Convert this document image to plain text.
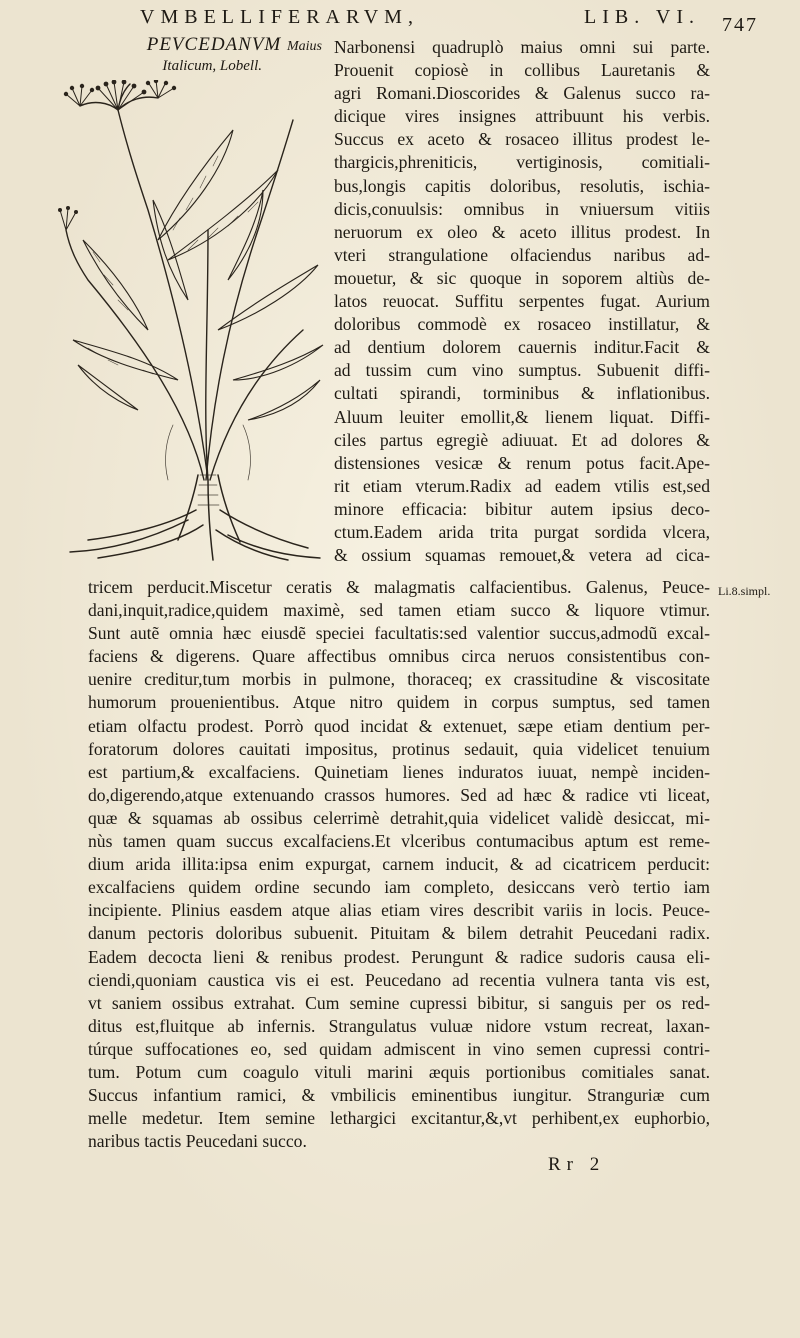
VMBELLIFERARVM,	LIB. VI. 747
PEVCEDANVM Maius
Italicum, Lobell.
Narbonensi quadruplò maius omni sui parte.
Prouenit copiosè in collibus Lauretanis &
agri Romani.Dioscorides & Galenus succo ra-
dicique vires insignes attribuunt his verbis.
Succus ex aceto & rosaceo illitus prodest le-
thargicis,phreniticis, vertiginosis, comitiali-
bus,longis capitis doloribus, resolutis, ischia-
dicis,conuulsis: omnibus in vniuersum vitiis
neruorum ex oleo & aceto illitus prodest. In
vteri strangulatione olfaciendus naribus ad-
mouetur, & sic quoque in soporem altiùs de-
latos reuocat. Suffitu serpentes fugat. Aurium
doloribus commodè ex rosaceo instillatur, &
ad dentium dolorem cauernis inditur.Facit &
ad tussim cum vino sumptus. Subuenit diffi-
cultati spirandi, torminibus & inflationibus.
Aluum leuiter emollit,& lienem liquat. Diffi-
ciles partus egregiè adiuuat. Et ad dolores &
distensiones vesicæ & renum potus facit.Ape-
rit etiam vterum.Radix ad eadem vtilis est,sed
minore efficacia: bibitur autem ipsius deco-
ctum.Eadem arida trita purgat sordida vlcera,
& ossium squamas remouet,& vetera ad cica-
tricem perducit.Miscetur ceratis & malagmatis calfacientibus. Galenus, Peuce-
dani,inquit,radice,quidem maximè, sed tamen etiam succo & liquore vtimur.
Sunt autẽ omnia hæc eiusdẽ speciei facultatis:sed valentior succus,admodũ excal-
faciens & digerens. Quare affectibus omnibus circa neruos consistentibus con-
uenire creditur,tum morbis in pulmone, thoraceq; ex crassitudine & viscositate
humorum prouenientibus. Atque nitro quidem in corpus sumptus, sed tamen
etiam olfactu prodest. Porrò quod incidat & extenuet, sæpe etiam dentium per-
foratorum dolores cauitati impositus, protinus sedauit, quia videlicet tenuium
est partium,& excalfaciens. Quinetiam lienes induratos iuuat, nempè inciden-
do,digerendo,atque extenuando crassos humores. Sed ad hæc & radice vti liceat,
quæ & squamas ab ossibus celerrimè detrahit,quia videlicet validè desiccat, mi-
nùs tamen quam succus excalfaciens.Et vlceribus contumacibus aptum est reme-
dium arida illita:ipsa enim expurgat, carnem inducit, & ad cicatricem perducit:
excalfaciens quidem ordine secundo iam completo, desiccans verò tertio iam
incipiente. Plinius easdem atque alias etiam vires describit variis in locis. Peuce-
danum pectoris doloribus subuenit. Pituitam & bilem detrahit Peucedani radix.
Eadem decocta lieni & renibus prodest. Perungunt & radice sudoris causa eli-
ciendi,quoniam caustica vis ei est. Peucedano ad recentia vulnera tanta vis est,
vt saniem ossibus extrahat. Cum semine cupressi bibitur, si sanguis per os red-
ditus est,fluitque ab infernis. Strangulatus vuluæ nidore vstum recreat, laxan-
túrque suffocationes eo, sed quidam admiscent in vino semen cupressi contri-
tum. Potum cum coagulo vituli marini æquis portionibus comitiales sanat.
Succus infantium ramici, & vmbilicis eminentibus iungitur. Stranguriæ cum
melle medetur. Item semine lethargici excitantur,&,vt perhibent,ex euphorbio,
naribus tactis Peucedani succo.
Li.8.simpl.
Rr 2
